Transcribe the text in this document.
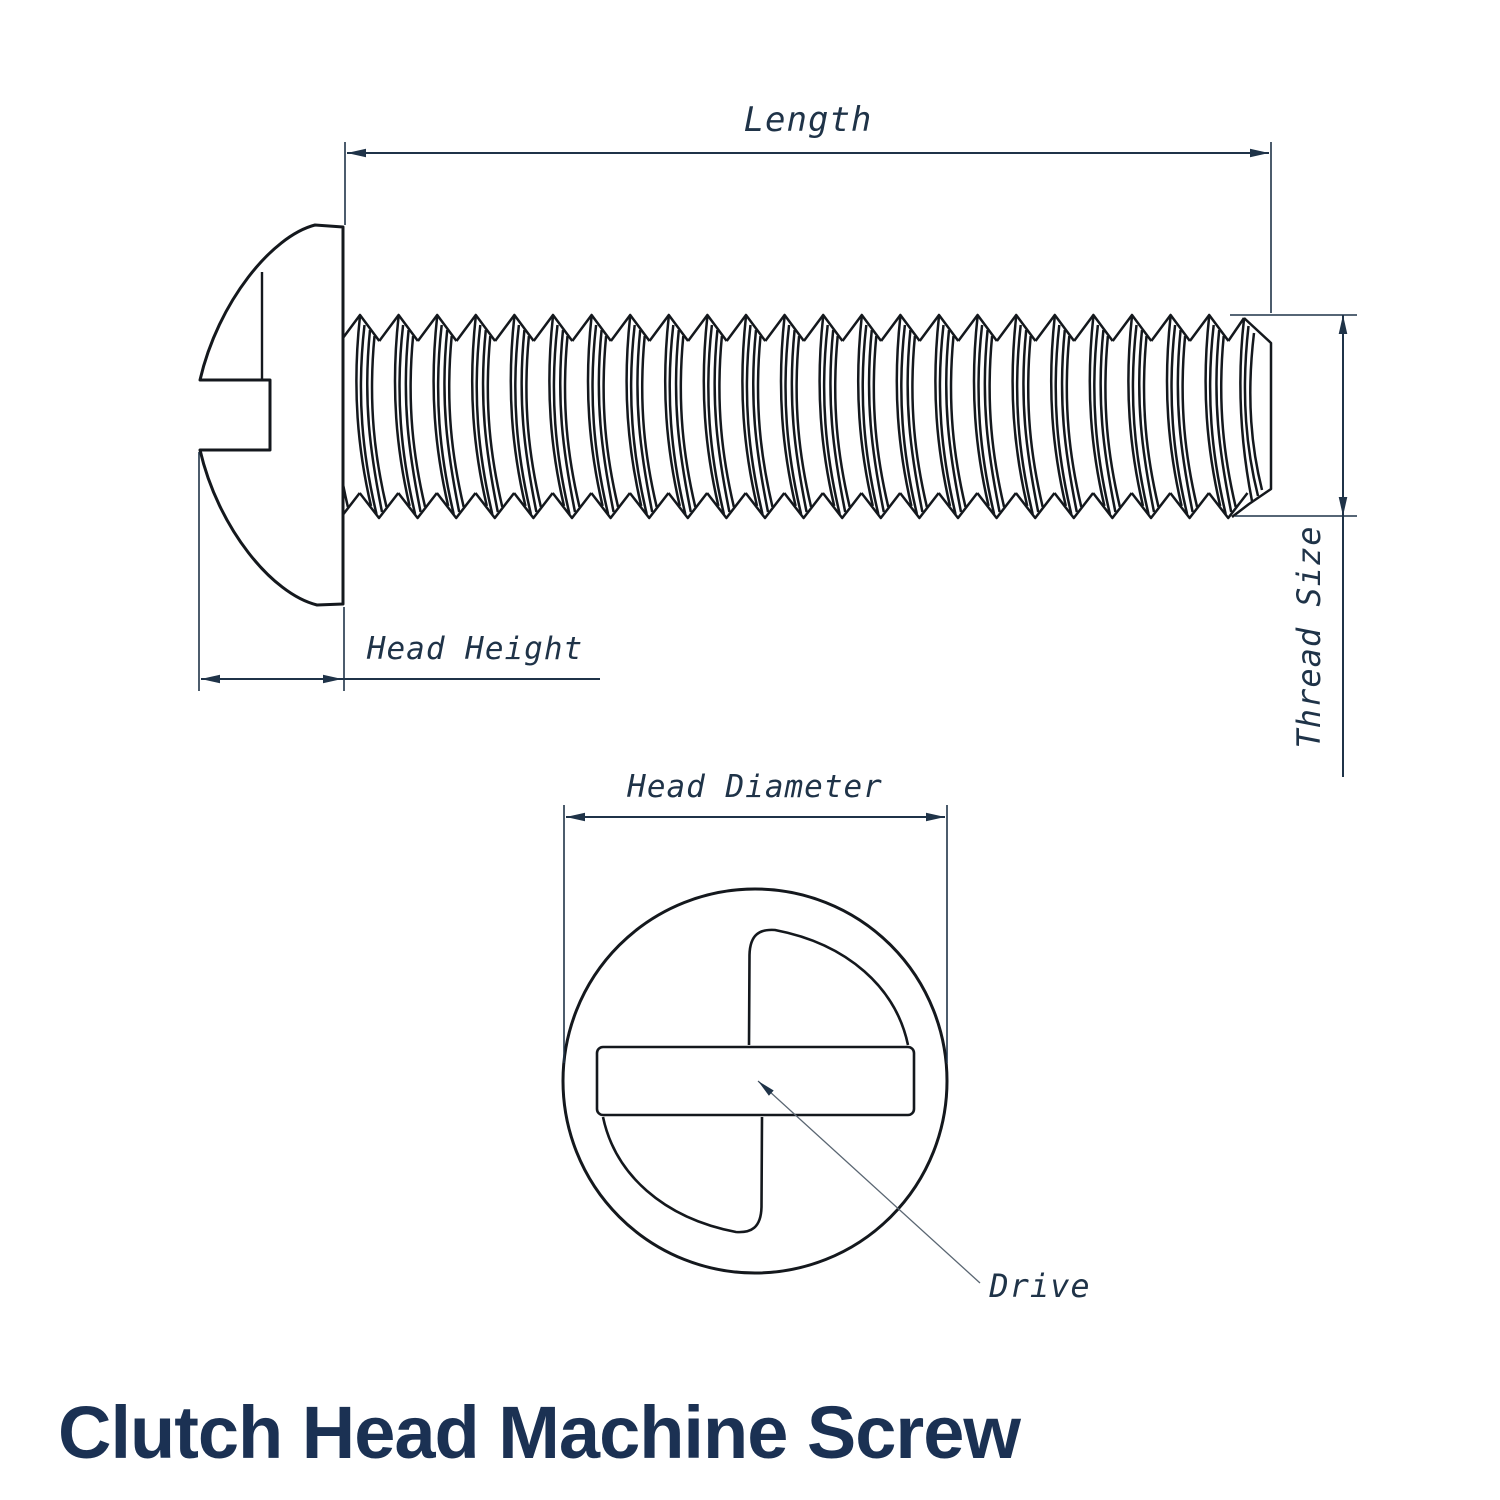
Length
Head Height	Thread Size
Head Diameter
Drive
Clutch Head Machine Screw
